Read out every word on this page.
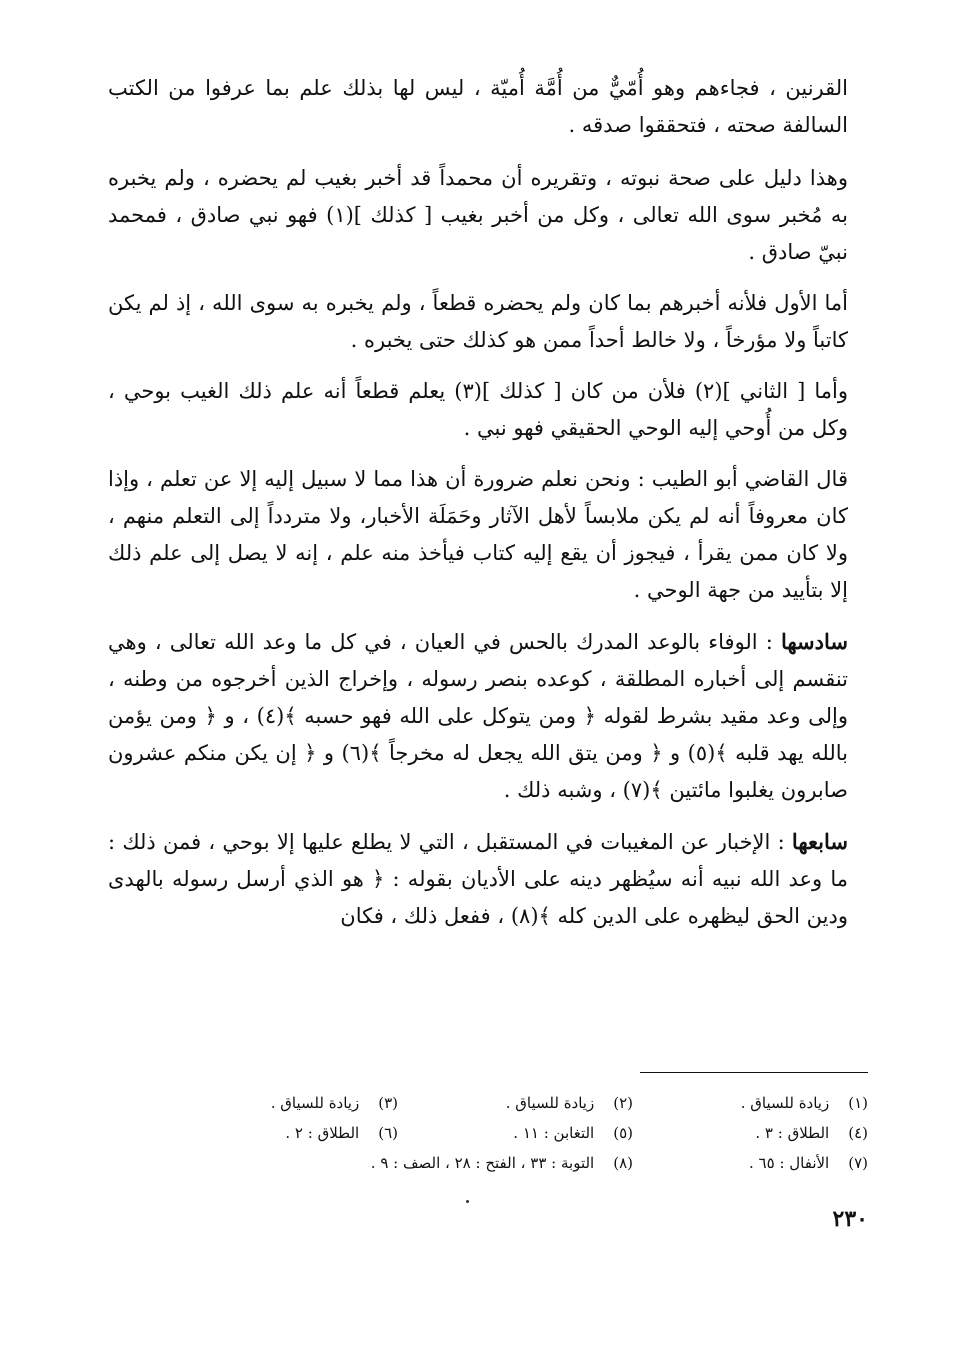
القرنين ، فجاءهم وهو أُمّيٌّ من أُمَّة أُميّة ، ليس لها بذلك علم بما عرفوا من الكتب السالفة صحته ، فتحققوا صدقه .

وهذا دليل على صحة نبوته ، وتقريره أن محمداً قد أخبر بغيب لم يحضره ، ولم يخبره به مُخبر سوى الله تعالى ، وكل من أخبر بغيب [ كذلك ](١) فهو نبي صادق ، فمحمد نبيّ صادق .

أما الأول فلأنه أخبرهم بما كان ولم يحضره قطعاً ، ولم يخبره به سوى الله ، إذ لم يكن كاتباً ولا مؤرخاً ، ولا خالط أحداً ممن هو كذلك حتى يخبره .

وأما [ الثاني ](٢) فلأن من كان [ كذلك ](٣) يعلم قطعاً أنه علم ذلك الغيب بوحي ، وكل من أُوحي إليه الوحي الحقيقي فهو نبي .

قال القاضي أبو الطيب : ونحن نعلم ضرورة أن هذا مما لا سبيل إليه إلا عن تعلم ، وإذا كان معروفاً أنه لم يكن ملابساً لأهل الآثار وحَمَلَة الأخبار، ولا متردداً إلى التعلم منهم ، ولا كان ممن يقرأ ، فيجوز أن يقع إليه كتاب فيأخذ منه علم ، إنه لا يصل إلى علم ذلك إلا بتأييد من جهة الوحي .

سادسها : الوفاء بالوعد المدرك بالحس في العيان ، في كل ما وعد الله تعالى ، وهي تنقسم إلى أخباره المطلقة ، كوعده بنصر رسوله ، وإخراج الذين أخرجوه من وطنه ، وإلى وعد مقيد بشرط لقوله ﴿ ومن يتوكل على الله فهو حسبه ﴾(٤) ، و ﴿ ومن يؤمن بالله يهد قلبه ﴾(٥) و ﴿ ومن يتق الله يجعل له مخرجاً ﴾(٦) و ﴿ إن يكن منكم عشرون صابرون يغلبوا مائتين ﴾(٧) ، وشبه ذلك .

سابعها : الإخبار عن المغيبات في المستقبل ، التي لا يطلع عليها إلا بوحي ، فمن ذلك : ما وعد الله نبيه أنه سيُظهر دينه على الأديان بقوله : ﴿ هو الذي أرسل رسوله بالهدى ودين الحق ليظهره على الدين كله ﴾(٨) ، ففعل ذلك ، فكان

(١) زيادة للسياق .
(٢) زيادة للسياق .
(٣) زيادة للسياق .
(٤) الطلاق : ٣ .
(٥) التغابن : ١١ .
(٦) الطلاق : ٢ .
(٧) الأنفال : ٦٥ .
(٨) التوبة : ٣٣ ، الفتح : ٢٨ ، الصف : ٩ .
٢٣٠
